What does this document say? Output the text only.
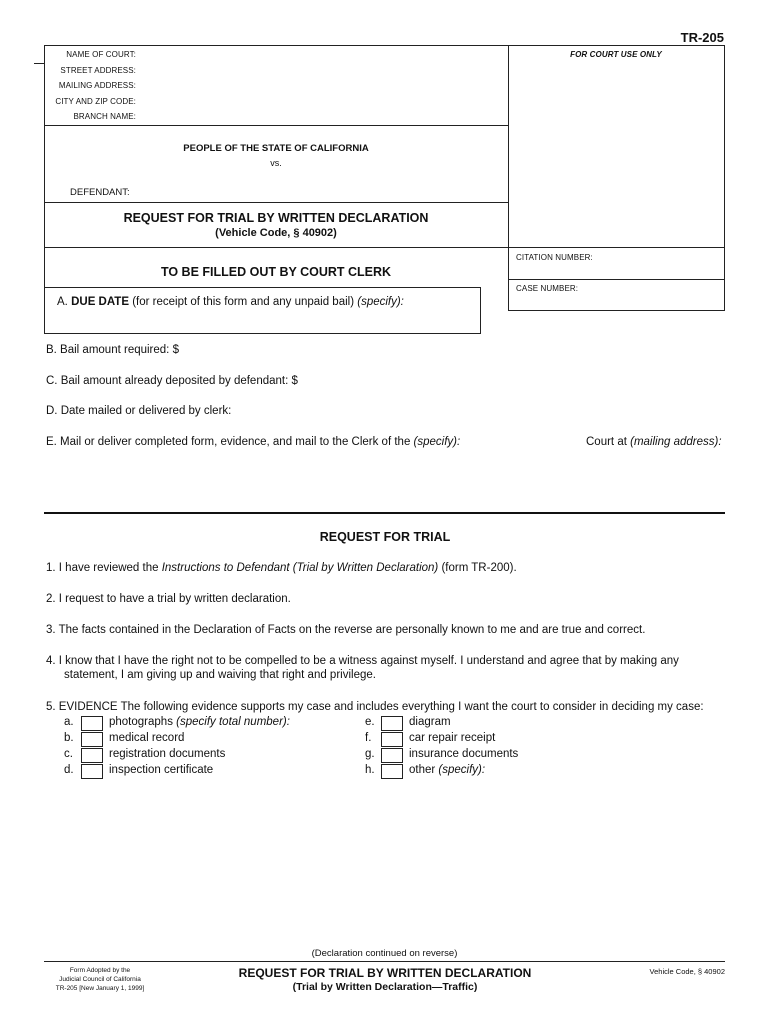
TR-205
NAME OF COURT:
STREET ADDRESS:
MAILING ADDRESS:
CITY AND ZIP CODE:
BRANCH NAME:
FOR COURT USE ONLY
PEOPLE OF THE STATE OF CALIFORNIA
vs.
DEFENDANT:
REQUEST FOR TRIAL BY WRITTEN DECLARATION
(Vehicle Code, § 40902)
CITATION NUMBER:
CASE NUMBER:
TO BE FILLED OUT BY COURT CLERK
A. DUE DATE (for receipt of this form and any unpaid bail) (specify):
B. Bail amount required: $
C. Bail amount already deposited by defendant: $
D. Date mailed or delivered by clerk:
E. Mail or deliver completed form, evidence, and mail to the Clerk of the (specify):	Court at (mailing address):
REQUEST FOR TRIAL
1. I have reviewed the Instructions to Defendant (Trial by Written Declaration) (form TR-200).
2. I request to have a trial by written declaration.
3. The facts contained in the Declaration of Facts on the reverse are personally known to me and are true and correct.
4. I know that I have the right not to be compelled to be a witness against myself. I understand and agree that by making any
statement, I am giving up and waiving that right and privilege.
5. EVIDENCE The following evidence supports my case and includes everything I want the court to consider in deciding my case:
a.	photographs (specify total number):
b.	medical record
c.	registration documents
d.	inspection certificate
e.	diagram
f.	car repair receipt
g.	insurance documents
h.	other (specify):
(Declaration continued on reverse)
Form Adopted by the
Judicial Council of California
TR-205 [New January 1, 1999]
REQUEST FOR TRIAL BY WRITTEN DECLARATION
(Trial by Written Declaration—Traffic)
Vehicle Code, § 40902
